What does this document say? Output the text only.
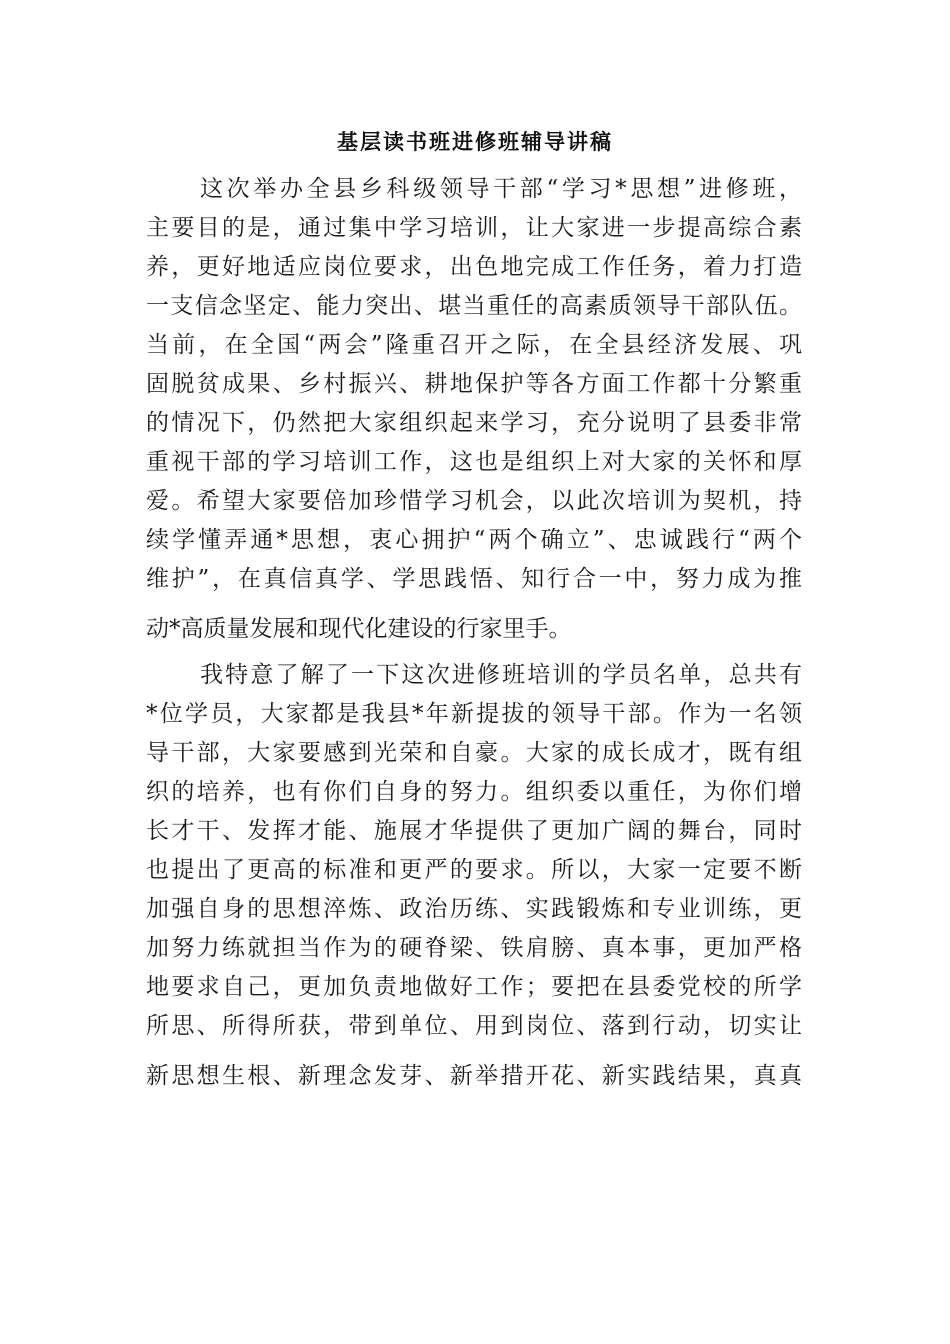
基层读书班进修班辅导讲稿
这次举办全县乡科级领导干部“学习*思想”进修班，
主要目的是，通过集中学习培训，让大家进一步提高综合素
养，更好地适应岗位要求，出色地完成工作任务，着力打造
一支信念坚定、能力突出、堪当重任的高素质领导干部队伍。
当前，在全国“两会”隆重召开之际，在全县经济发展、巩
固脱贫成果、乡村振兴、耕地保护等各方面工作都十分繁重
的情况下，仍然把大家组织起来学习，充分说明了县委非常
重视干部的学习培训工作，这也是组织上对大家的关怀和厚
爱。希望大家要倍加珍惜学习机会，以此次培训为契机，持
续学懂弄通*思想，衷心拥护“两个确立”、忠诚践行“两个
维护”，在真信真学、学思践悟、知行合一中，努力成为推
动*高质量发展和现代化建设的行家里手。
我特意了解了一下这次进修班培训的学员名单，总共有
*位学员，大家都是我县*年新提拔的领导干部。作为一名领
导干部，大家要感到光荣和自豪。大家的成长成才，既有组
织的培养，也有你们自身的努力。组织委以重任，为你们增
长才干、发挥才能、施展才华提供了更加广阔的舞台，同时
也提出了更高的标准和更严的要求。所以，大家一定要不断
加强自身的思想淬炼、政治历练、实践锻炼和专业训练，更
加努力练就担当作为的硬脊梁、铁肩膀、真本事，更加严格
地要求自己，更加负责地做好工作；要把在县委党校的所学
所思、所得所获，带到单位、用到岗位、落到行动，切实让
新思想生根、新理念发芽、新举措开花、新实践结果，真真
